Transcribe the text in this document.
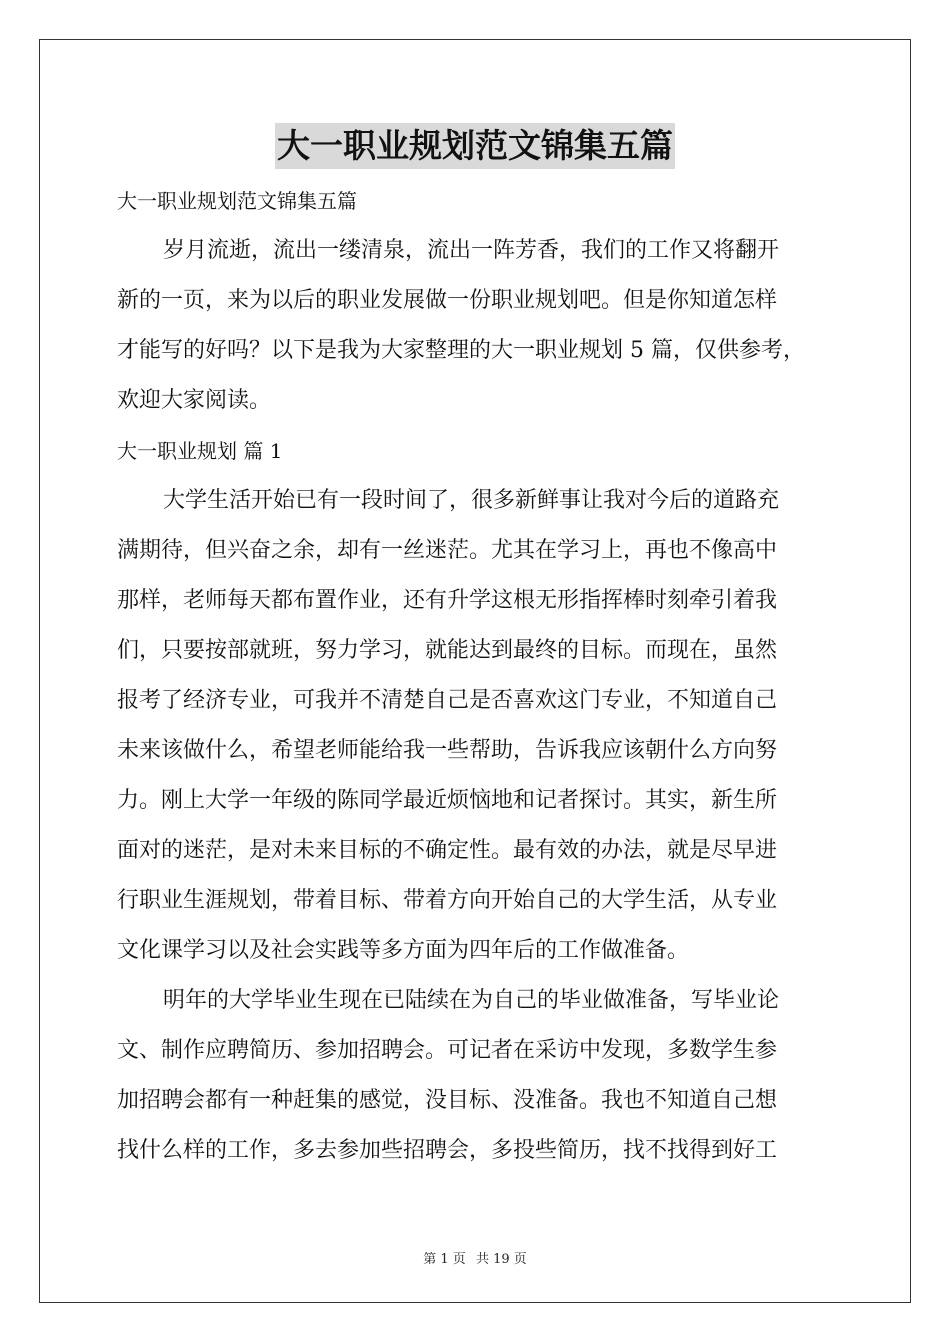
大一职业规划范文锦集五篇
大一职业规划范文锦集五篇
岁月流逝，流出一缕清泉，流出一阵芳香，我们的工作又将翻开
新的一页，来为以后的职业发展做一份职业规划吧。但是你知道怎样
才能写的好吗？以下是我为大家整理的大一职业规划 5 篇，仅供参考，
欢迎大家阅读。
大一职业规划 篇 1
大学生活开始已有一段时间了，很多新鲜事让我对今后的道路充
满期待，但兴奋之余，却有一丝迷茫。尤其在学习上，再也不像高中
那样，老师每天都布置作业，还有升学这根无形指挥棒时刻牵引着我
们，只要按部就班，努力学习，就能达到最终的目标。而现在，虽然
报考了经济专业，可我并不清楚自己是否喜欢这门专业，不知道自己
未来该做什么，希望老师能给我一些帮助，告诉我应该朝什么方向努
力。刚上大学一年级的陈同学最近烦恼地和记者探讨。其实，新生所
面对的迷茫，是对未来目标的不确定性。最有效的办法，就是尽早进
行职业生涯规划，带着目标、带着方向开始自己的大学生活，从专业
文化课学习以及社会实践等多方面为四年后的工作做准备。
明年的大学毕业生现在已陆续在为自己的毕业做准备，写毕业论
文、制作应聘简历、参加招聘会。可记者在采访中发现，多数学生参
加招聘会都有一种赶集的感觉，没目标、没准备。我也不知道自己想
找什么样的工作，多去参加些招聘会，多投些简历，找不找得到好工
第 1 页 共 19 页
